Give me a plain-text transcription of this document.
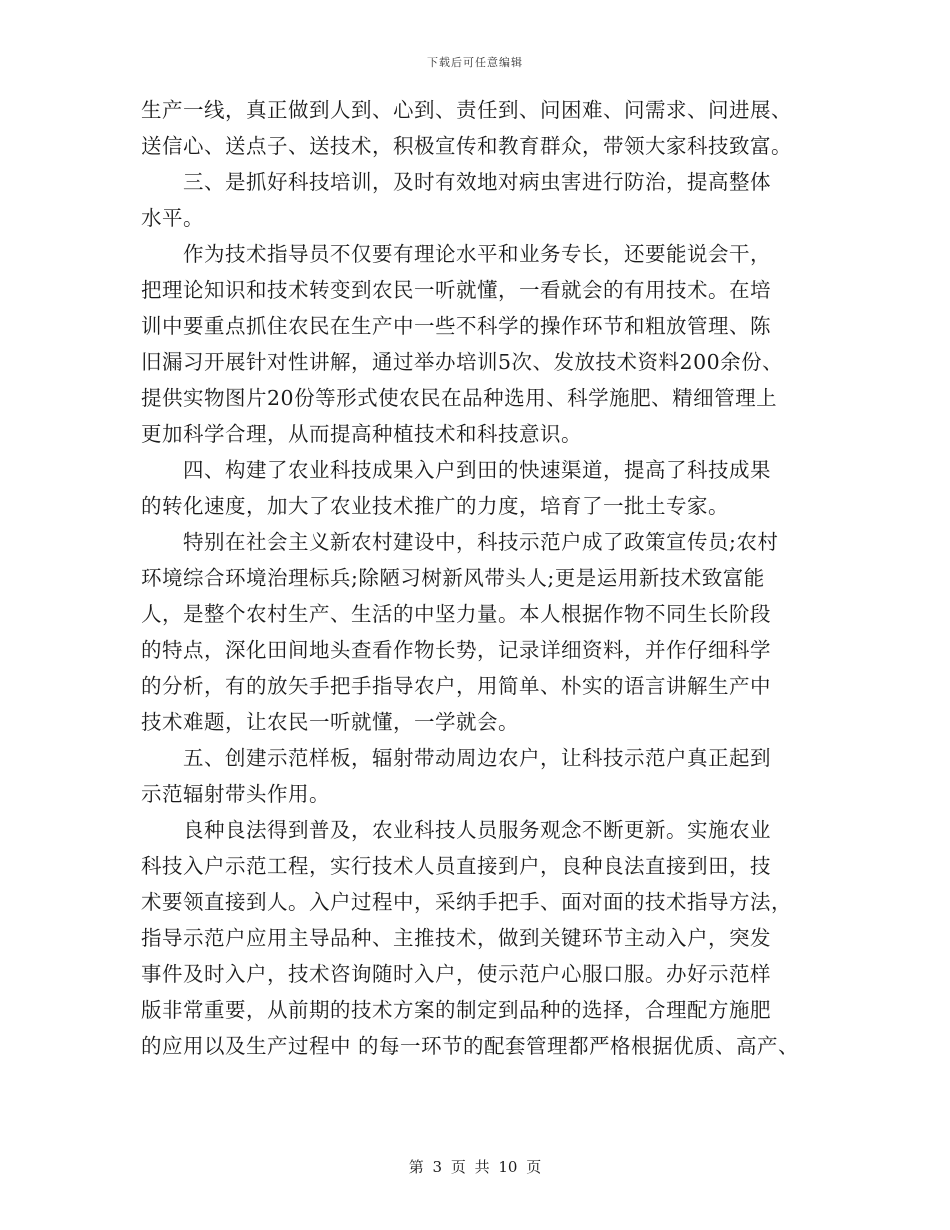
下载后可任意编辑
生产一线，真正做到人到、心到、责任到、问困难、问需求、问进展、
送信心、送点子、送技术，积极宣传和教育群众，带领大家科技致富。
　　三、是抓好科技培训，及时有效地对病虫害进行防治，提高整体
水平。
　　作为技术指导员不仅要有理论水平和业务专长，还要能说会干，
把理论知识和技术转变到农民一听就懂，一看就会的有用技术。在培
训中要重点抓住农民在生产中一些不科学的操作环节和粗放管理、陈
旧漏习开展针对性讲解，通过举办培训5次、发放技术资料200余份、
提供实物图片20份等形式使农民在品种选用、科学施肥、精细管理上
更加科学合理，从而提高种植技术和科技意识。
　　四、构建了农业科技成果入户到田的快速渠道，提高了科技成果
的转化速度，加大了农业技术推广的力度，培育了一批土专家。
　　特别在社会主义新农村建设中，科技示范户成了政策宣传员;农村
环境综合环境治理标兵;除陋习树新风带头人;更是运用新技术致富能
人，是整个农村生产、生活的中坚力量。本人根据作物不同生长阶段
的特点，深化田间地头查看作物长势，记录详细资料，并作仔细科学
的分析，有的放矢手把手指导农户，用简单、朴实的语言讲解生产中
技术难题，让农民一听就懂，一学就会。
　　五、创建示范样板，辐射带动周边农户，让科技示范户真正起到
示范辐射带头作用。
　　良种良法得到普及，农业科技人员服务观念不断更新。实施农业
科技入户示范工程，实行技术人员直接到户，良种良法直接到田，技
术要领直接到人。入户过程中，采纳手把手、面对面的技术指导方法，
指导示范户应用主导品种、主推技术，做到关键环节主动入户，突发
事件及时入户，技术咨询随时入户，使示范户心服口服。办好示范样
版非常重要，从前期的技术方案的制定到品种的选择，合理配方施肥
的应用以及生产过程中 的每一环节的配套管理都严格根据优质、高产、
第 3 页 共 10 页
